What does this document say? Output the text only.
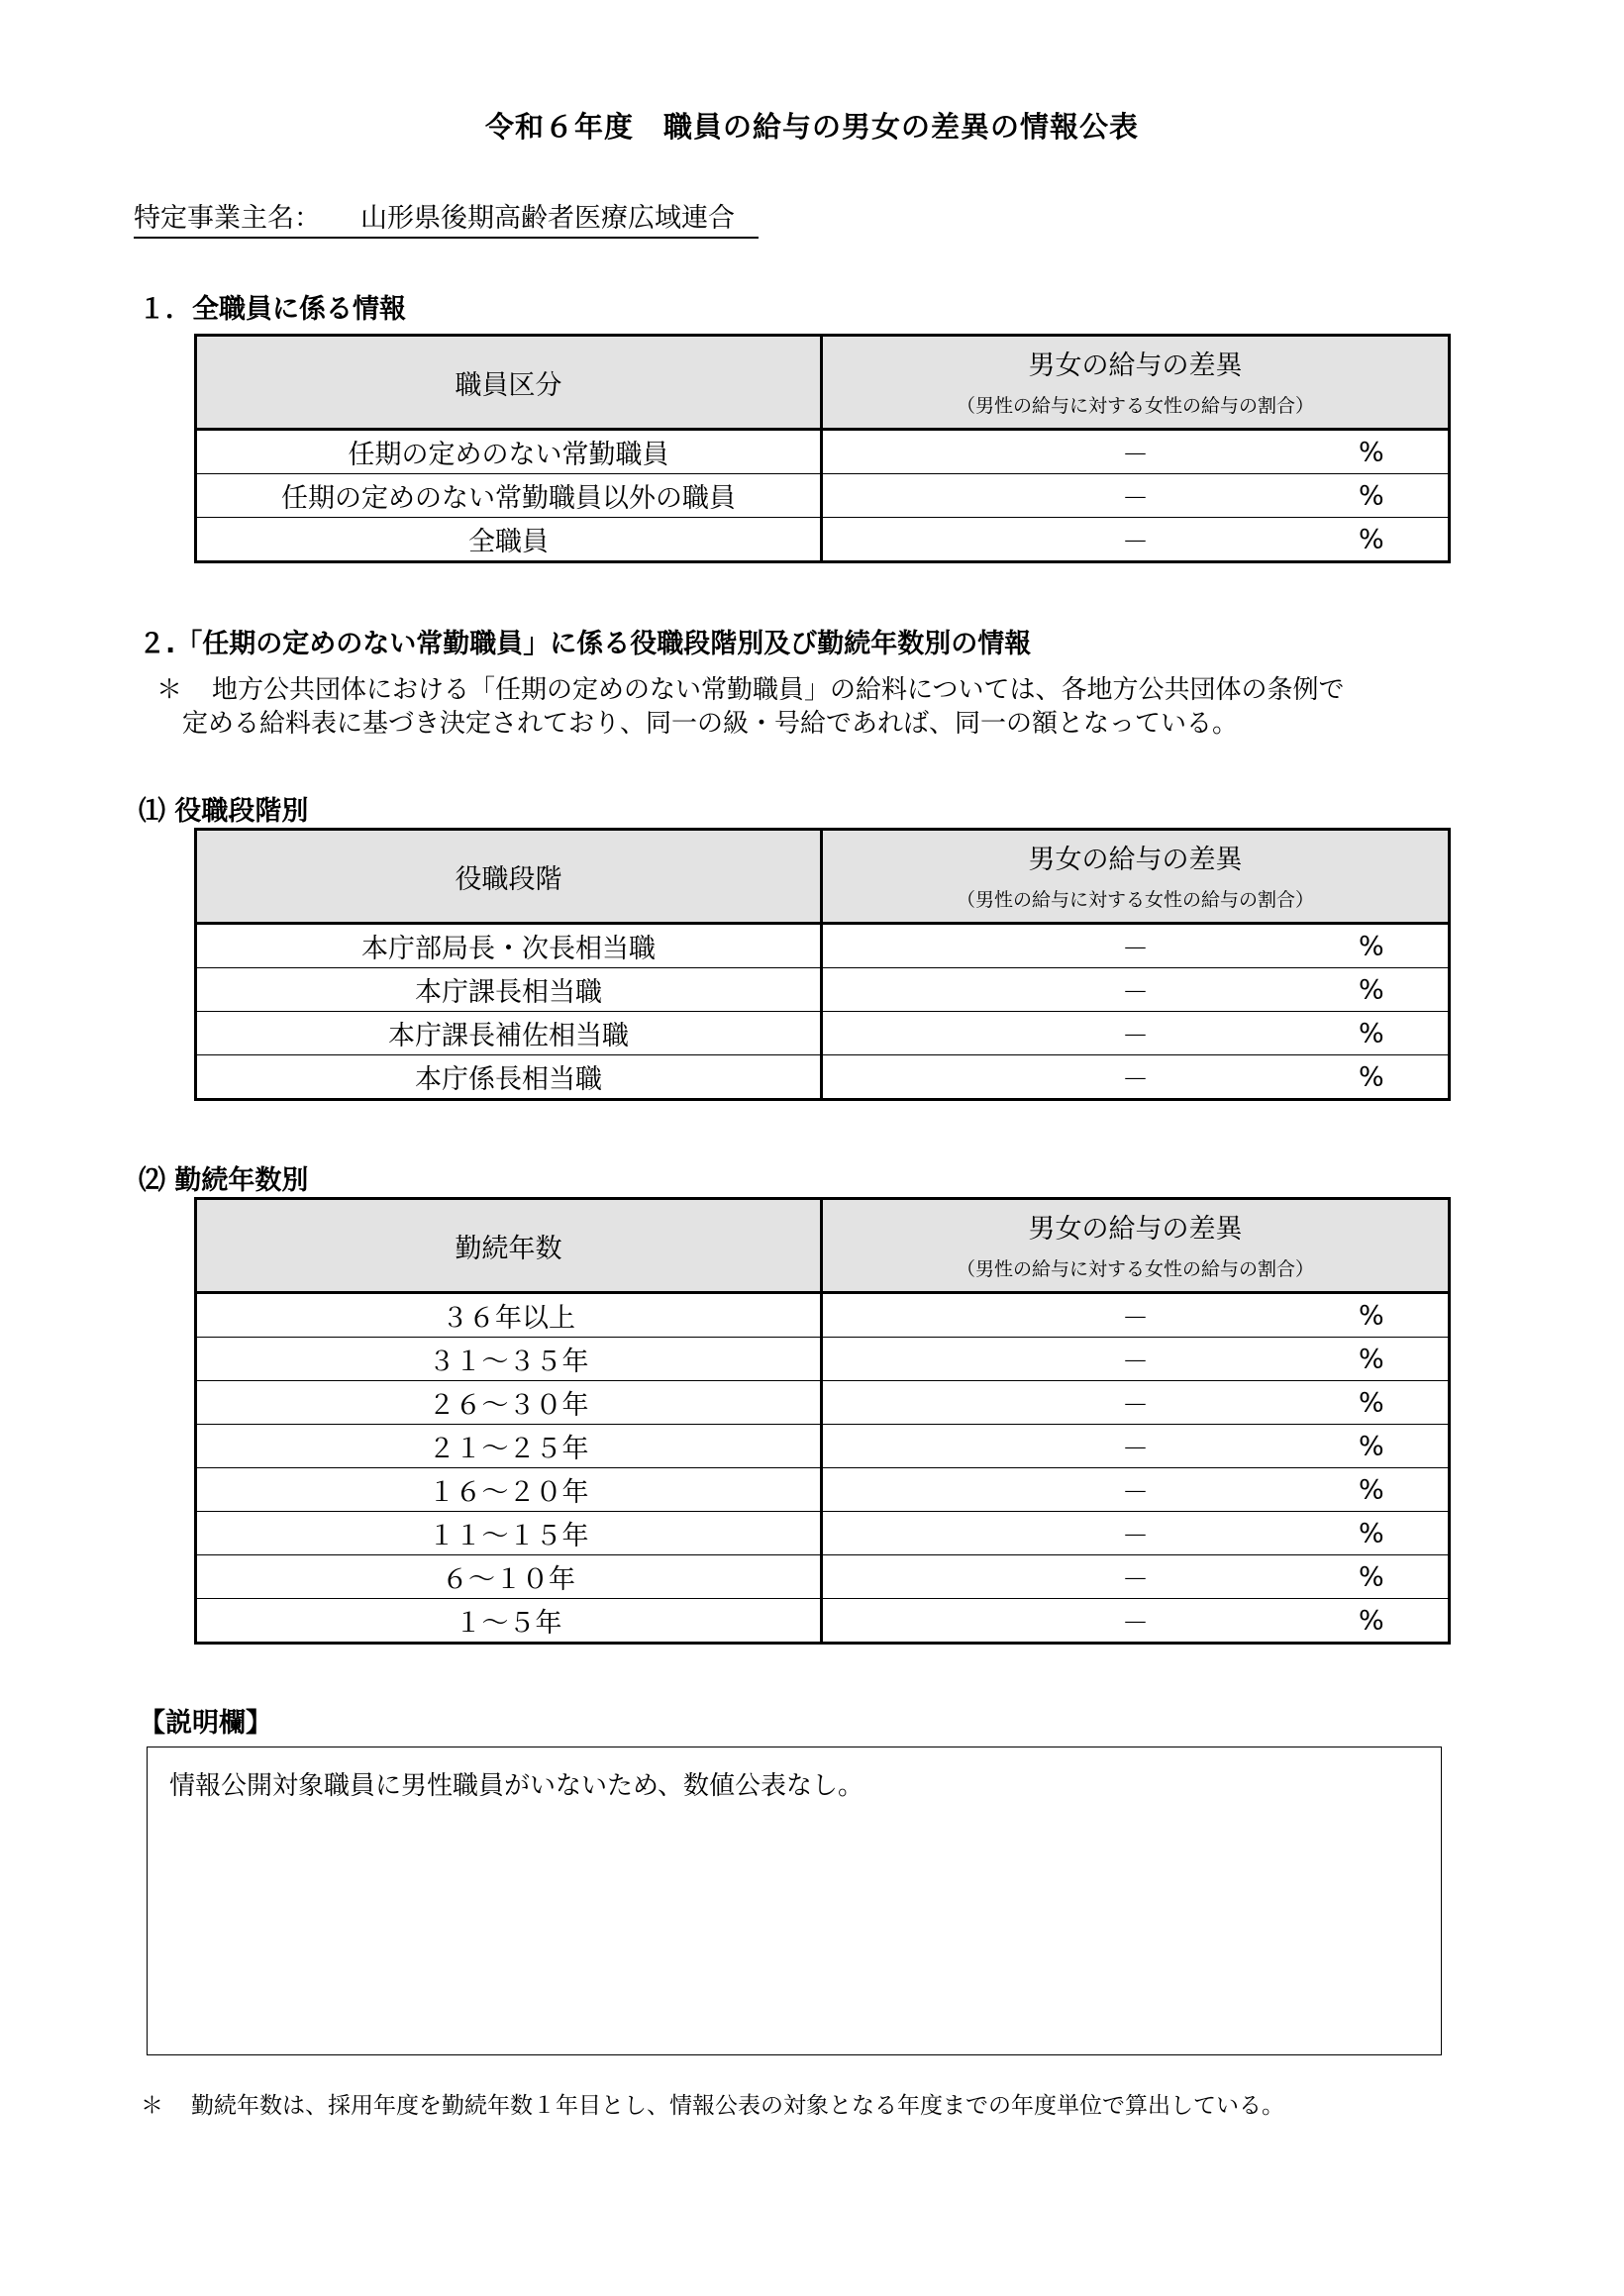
令和６年度　職員の給与の男女の差異の情報公表
特定事業主名： 山形県後期高齢者医療広域連合
１．全職員に係る情報
職員区分	男女の給与の差異
（男性の給与に対する女性の給与の割合）

任期の定めのない常勤職員	－ %

任期の定めのない常勤職員以外の職員	－ %

全職員	－ %
２.「任期の定めのない常勤職員」に係る役職段階別及び勤続年数別の情報
＊ 地方公共団体における「任期の定めのない常勤職員」の給料については、各地方公共団体の条例で
定める給料表に基づき決定されており、同一の級・号給であれば、同一の額となっている。
⑴ 役職段階別
役職段階	男女の給与の差異
（男性の給与に対する女性の給与の割合）

本庁部局長・次長相当職	－ %

本庁課長相当職	－ %

本庁課長補佐相当職	－ %

本庁係長相当職	－ %
⑵ 勤続年数別
勤続年数	男女の給与の差異
（男性の給与に対する女性の給与の割合）

３６年以上	－ %

３１～３５年	－ %

２６～３０年	－ %

２１～２５年	－ %

１６～２０年	－ %

１１～１５年	－ %

６～１０年	－ %

１～５年	－ %
【説明欄】
情報公開対象職員に男性職員がいないため、数値公表なし。
＊ 勤続年数は、採用年度を勤続年数１年目とし、情報公表の対象となる年度までの年度単位で算出している。
